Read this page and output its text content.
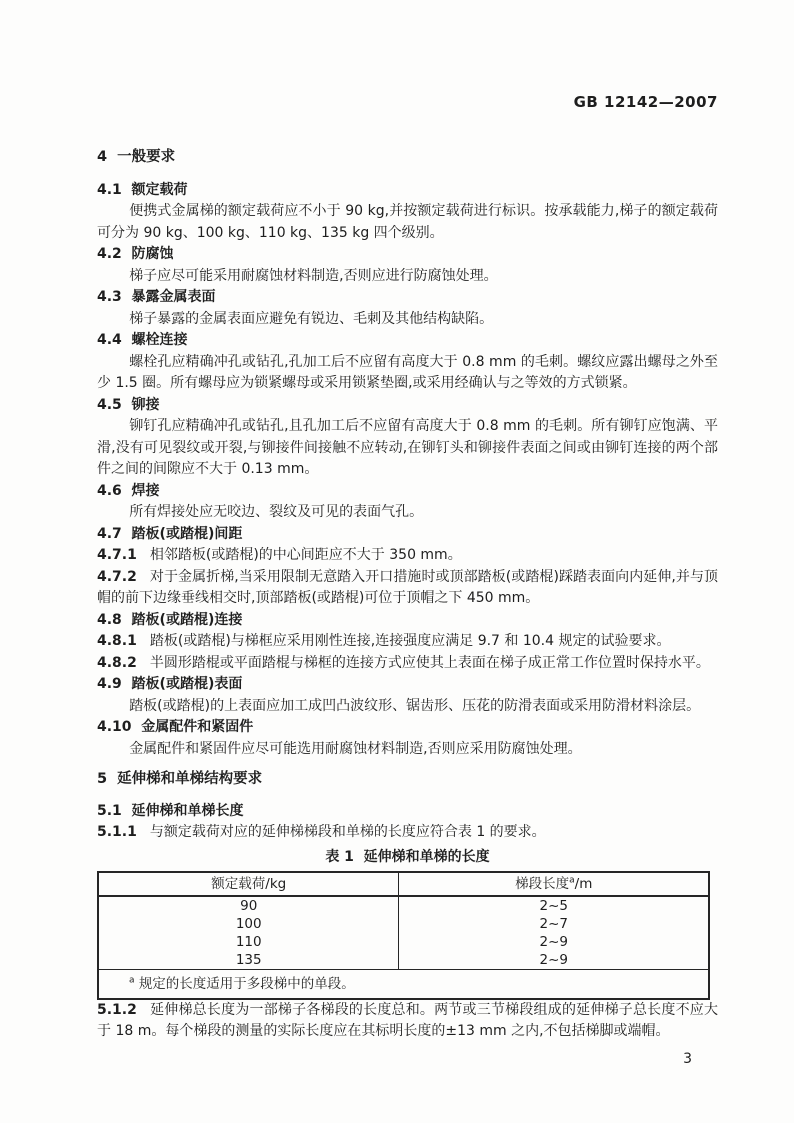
GB 12142—2007
4  一般要求
4.1  额定载荷

便携式金属梯的额定载荷应不小于 90 kg,并按额定载荷进行标识。按承载能力,梯子的额定载荷可分为 90 kg、100 kg、110 kg、135 kg 四个级别。

4.2  防腐蚀

梯子应尽可能采用耐腐蚀材料制造,否则应进行防腐蚀处理。

4.3  暴露金属表面

梯子暴露的金属表面应避免有锐边、毛刺及其他结构缺陷。

4.4  螺栓连接

螺栓孔应精确冲孔或钻孔,孔加工后不应留有高度大于 0.8 mm 的毛刺。螺纹应露出螺母之外至少 1.5 圈。所有螺母应为锁紧螺母或采用锁紧垫圈,或采用经确认与之等效的方式锁紧。

4.5  铆接

铆钉孔应精确冲孔或钻孔,且孔加工后不应留有高度大于 0.8 mm 的毛刺。所有铆钉应饱满、平滑,没有可见裂纹或开裂,与铆接件间接触不应转动,在铆钉头和铆接件表面之间或由铆钉连接的两个部件之间的间隙应不大于 0.13 mm。

4.6  焊接

所有焊接处应无咬边、裂纹及可见的表面气孔。

4.7  踏板(或踏棍)间距

4.7.1 相邻踏板(或踏棍)的中心间距应不大于 350 mm。

4.7.2 对于金属折梯,当采用限制无意踏入开口措施时或顶部踏板(或踏棍)踩踏表面向内延伸,并与顶帽的前下边缘垂线相交时,顶部踏板(或踏棍)可位于顶帽之下 450 mm。

4.8  踏板(或踏棍)连接

4.8.1 踏板(或踏棍)与梯框应采用刚性连接,连接强度应满足 9.7 和 10.4 规定的试验要求。

4.8.2 半圆形踏棍或平面踏棍与梯框的连接方式应使其上表面在梯子成正常工作位置时保持水平。

4.9  踏板(或踏棍)表面

踏板(或踏棍)的上表面应加工成凹凸波纹形、锯齿形、压花的防滑表面或采用防滑材料涂层。

4.10  金属配件和紧固件

金属配件和紧固件应尽可能选用耐腐蚀材料制造,否则应采用防腐蚀处理。

5  延伸梯和单梯结构要求
5.1  延伸梯和单梯长度

5.1.1 与额定载荷对应的延伸梯梯段和单梯的长度应符合表 1 的要求。

表 1  延伸梯和单梯的长度
额定载荷/kg	梯段长度$^a$/m
90	2~5
100	2~7
110	2~9
135	2~9
$^a$ 规定的长度适用于多段梯中的单段。	

5.1.2 延伸梯总长度为一部梯子各梯段的长度总和。两节或三节梯段组成的延伸梯子总长度不应大于 18 m。每个梯段的测量的实际长度应在其标明长度的±13 mm 之内,不包括梯脚或端帽。

3
